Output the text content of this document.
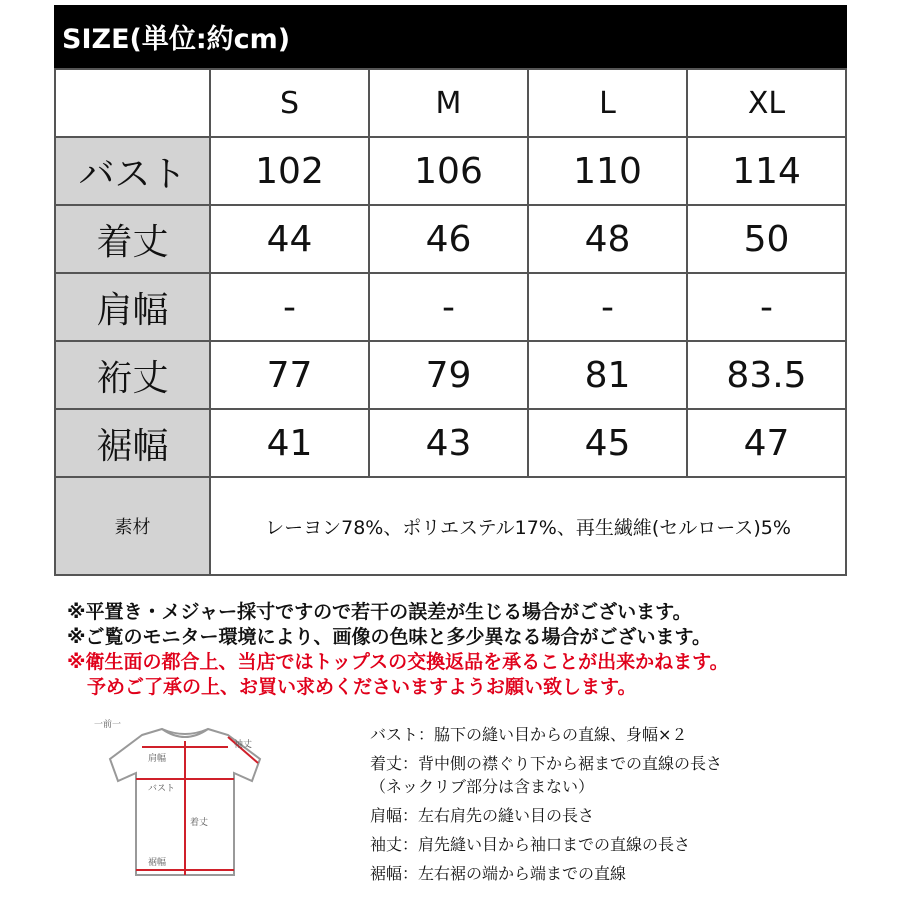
SIZE(単位:約cm)
	S	M	L	XL
バスト	102	106	110	114
着丈	44	46	48	50
肩幅	-	-	-	-
裄丈	77	79	81	83.5
裾幅	41	43	45	47
素材	レーヨン78%、ポリエステル17%、再生繊維(セルロース)5%			
※平置き・メジャー採寸ですので若干の誤差が生じる場合がございます。
※ご覧のモニター環境により、画像の色味と多少異なる場合がございます。
※衛生面の都合上、当店ではトップスの交換返品を承ることが出来かねます。
予めご了承の上、お買い求めくださいますようお願い致します。
一前一
肩幅
袖丈
バスト
着丈
裾幅
バスト：脇下の縫い目からの直線、身幅×２
着丈：背中側の襟ぐり下から裾までの直線の長さ
（ネックリブ部分は含まない）
肩幅：左右肩先の縫い目の長さ
袖丈：肩先縫い目から袖口までの直線の長さ
裾幅：左右裾の端から端までの直線
